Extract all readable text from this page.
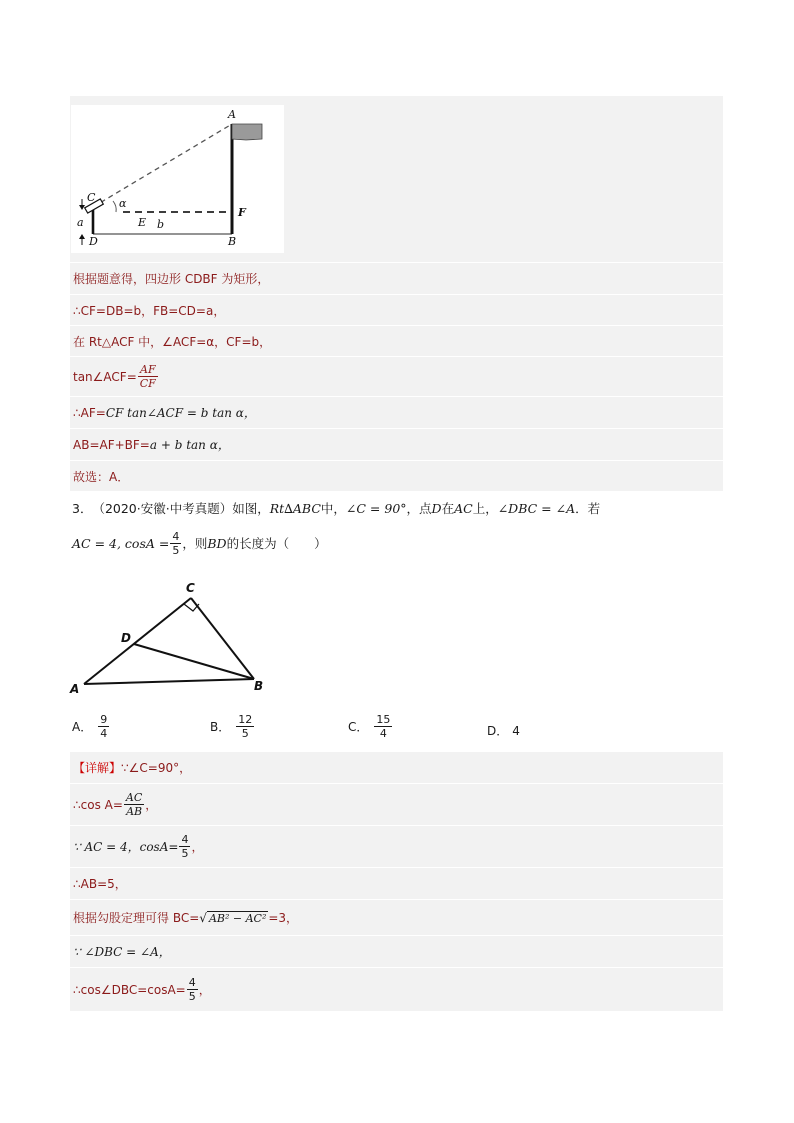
A
C α
E b
F
a
D	B
根据题意得，四边形 CDBF 为矩形，
∴CF=DB=b，FB=CD=a，
在 Rt△ACF 中，∠ACF=α，CF=b，
tan∠ACF= $\frac{AF}{CF}$
∴AF= CF tan∠ACF = b tan α，
AB=AF+BF= a + b tan α，
故选：A．
3． （2020·安徽·中考真题）如图， Rt∆ABC 中， ∠C = 90° ，点 D 在 AC 上， ∠DBC = ∠A ．若
AC = 4, $\cos A = \frac{4}{5}$ ，则 BD 的长度为（　　）
C
D
A	B
A． $\frac{9}{4}$	B． $\frac{12}{5}$	C． $\frac{15}{4}$	D． 4
【详解】 ∵∠C=90°，
∴cos $A= \frac{AC}{AB}$ ，
∵ AC = 4，$\cos A= \frac{4}{5}$ ，
∴AB=5，
根据勾股定理可得 BC= √ AB² − AC² =3，
∵ ∠DBC = ∠A，
∴cos∠DBC=cosA= $\frac{4}{5}$ ，
